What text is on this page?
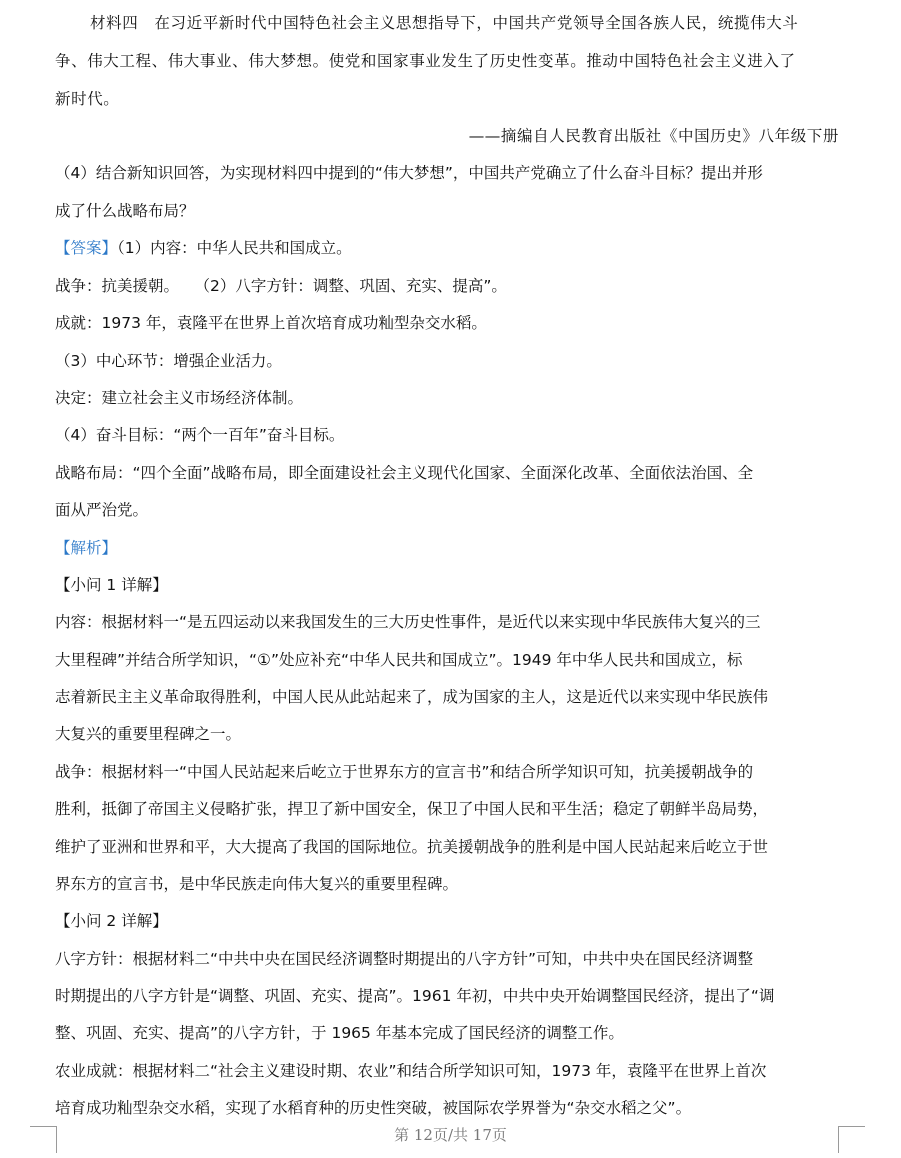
材料四　在习近平新时代中国特色社会主义思想指导下，中国共产党领导全国各族人民，统揽伟大斗
争、伟大工程、伟大事业、伟大梦想。使党和国家事业发生了历史性变革。推动中国特色社会主义进入了
新时代。
——摘编自人民教育出版社《中国历史》八年级下册
（4）结合新知识回答，为实现材料四中提到的“伟大梦想”，中国共产党确立了什么奋斗目标？提出并形
成了什么战略布局？
【答案】（1）内容：中华人民共和国成立。
战争：抗美援朝。　　（2）八字方针：调整、巩固、充实、提高”。
成就：1973 年，袁隆平在世界上首次培育成功籼型杂交水稻。
（3）中心环节：增强企业活力。
决定：建立社会主义市场经济体制。
（4）奋斗目标：“两个一百年”奋斗目标。
战略布局：“四个全面”战略布局，即全面建设社会主义现代化国家、全面深化改革、全面依法治国、全
面从严治党。
【解析】
【小问 1 详解】
内容：根据材料一“是五四运动以来我国发生的三大历史性事件，是近代以来实现中华民族伟大复兴的三
大里程碑”并结合所学知识，“①”处应补充“中华人民共和国成立”。1949 年中华人民共和国成立，标
志着新民主主义革命取得胜利，中国人民从此站起来了，成为国家的主人，这是近代以来实现中华民族伟
大复兴的重要里程碑之一。
战争：根据材料一“中国人民站起来后屹立于世界东方的宣言书”和结合所学知识可知，抗美援朝战争的
胜利，抵御了帝国主义侵略扩张，捍卫了新中国安全，保卫了中国人民和平生活；稳定了朝鲜半岛局势，
维护了亚洲和世界和平，大大提高了我国的国际地位。抗美援朝战争的胜利是中国人民站起来后屹立于世
界东方的宣言书，是中华民族走向伟大复兴的重要里程碑。
【小问 2 详解】
八字方针：根据材料二“中共中央在国民经济调整时期提出的八字方针”可知，中共中央在国民经济调整
时期提出的八字方针是“调整、巩固、充实、提高”。1961 年初，中共中央开始调整国民经济，提出了“调
整、巩固、充实、提高”的八字方针，于 1965 年基本完成了国民经济的调整工作。
农业成就：根据材料二“社会主义建设时期、农业”和结合所学知识可知，1973 年，袁隆平在世界上首次
培育成功籼型杂交水稻，实现了水稻育种的历史性突破，被国际农学界誉为“杂交水稻之父”。
第 12页/共 17页
